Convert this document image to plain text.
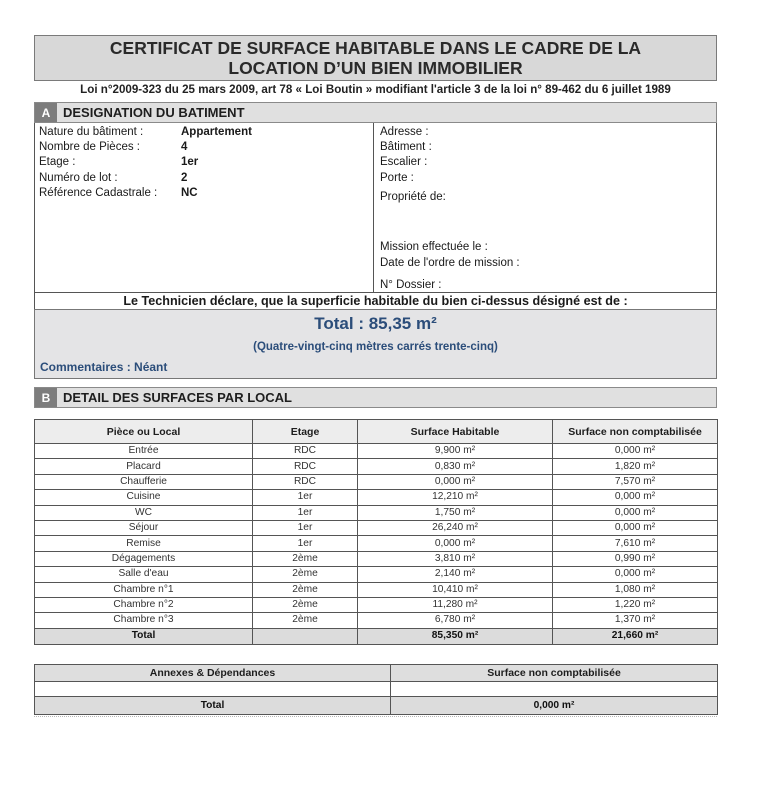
CERTIFICAT DE SURFACE HABITABLE DANS LE CADRE DE LA
LOCATION D’UN BIEN IMMOBILIER
Loi n°2009-323 du 25 mars 2009, art 78 « Loi Boutin » modifiant l'article 3 de la loi n° 89-462 du 6 juillet 1989
A DESIGNATION DU BATIMENT
Nature du bâtiment :	Appartement
Nombre de Pièces :	4
Etage :	1er
Numéro de lot :	2
Référence Cadastrale : NC
Adresse :
Bâtiment :
Escalier :
Porte :
Propriété de:
Mission effectuée le :
Date de l'ordre de mission :
N° Dossier :
Le Technicien déclare, que la superficie habitable du bien ci-dessus désigné est de :
Total : 85,35 m²
(Quatre-vingt-cinq mètres carrés trente-cinq)
Commentaires : Néant
B DETAIL DES SURFACES PAR LOCAL
Pièce ou Local	Etage	Surface Habitable	Surface non comptabilisée
Entrée	RDC	9,900 m²	0,000 m²
Placard	RDC	0,830 m²	1,820 m²
Chaufferie	RDC	0,000 m²	7,570 m²
Cuisine	1er	12,210 m²	0,000 m²
WC	1er	1,750 m²	0,000 m²
Séjour	1er	26,240 m²	0,000 m²
Remise	1er	0,000 m²	7,610 m²
Dégagements	2ème	3,810 m²	0,990 m²
Salle d'eau	2ème	2,140 m²	0,000 m²
Chambre n°1	2ème	10,410 m²	1,080 m²
Chambre n°2	2ème	11,280 m²	1,220 m²
Chambre n°3	2ème	6,780 m²	1,370 m²
Total		85,350 m²	21,660 m²
Annexes & Dépendances	Surface non comptabilisée

Total	0,000 m²
